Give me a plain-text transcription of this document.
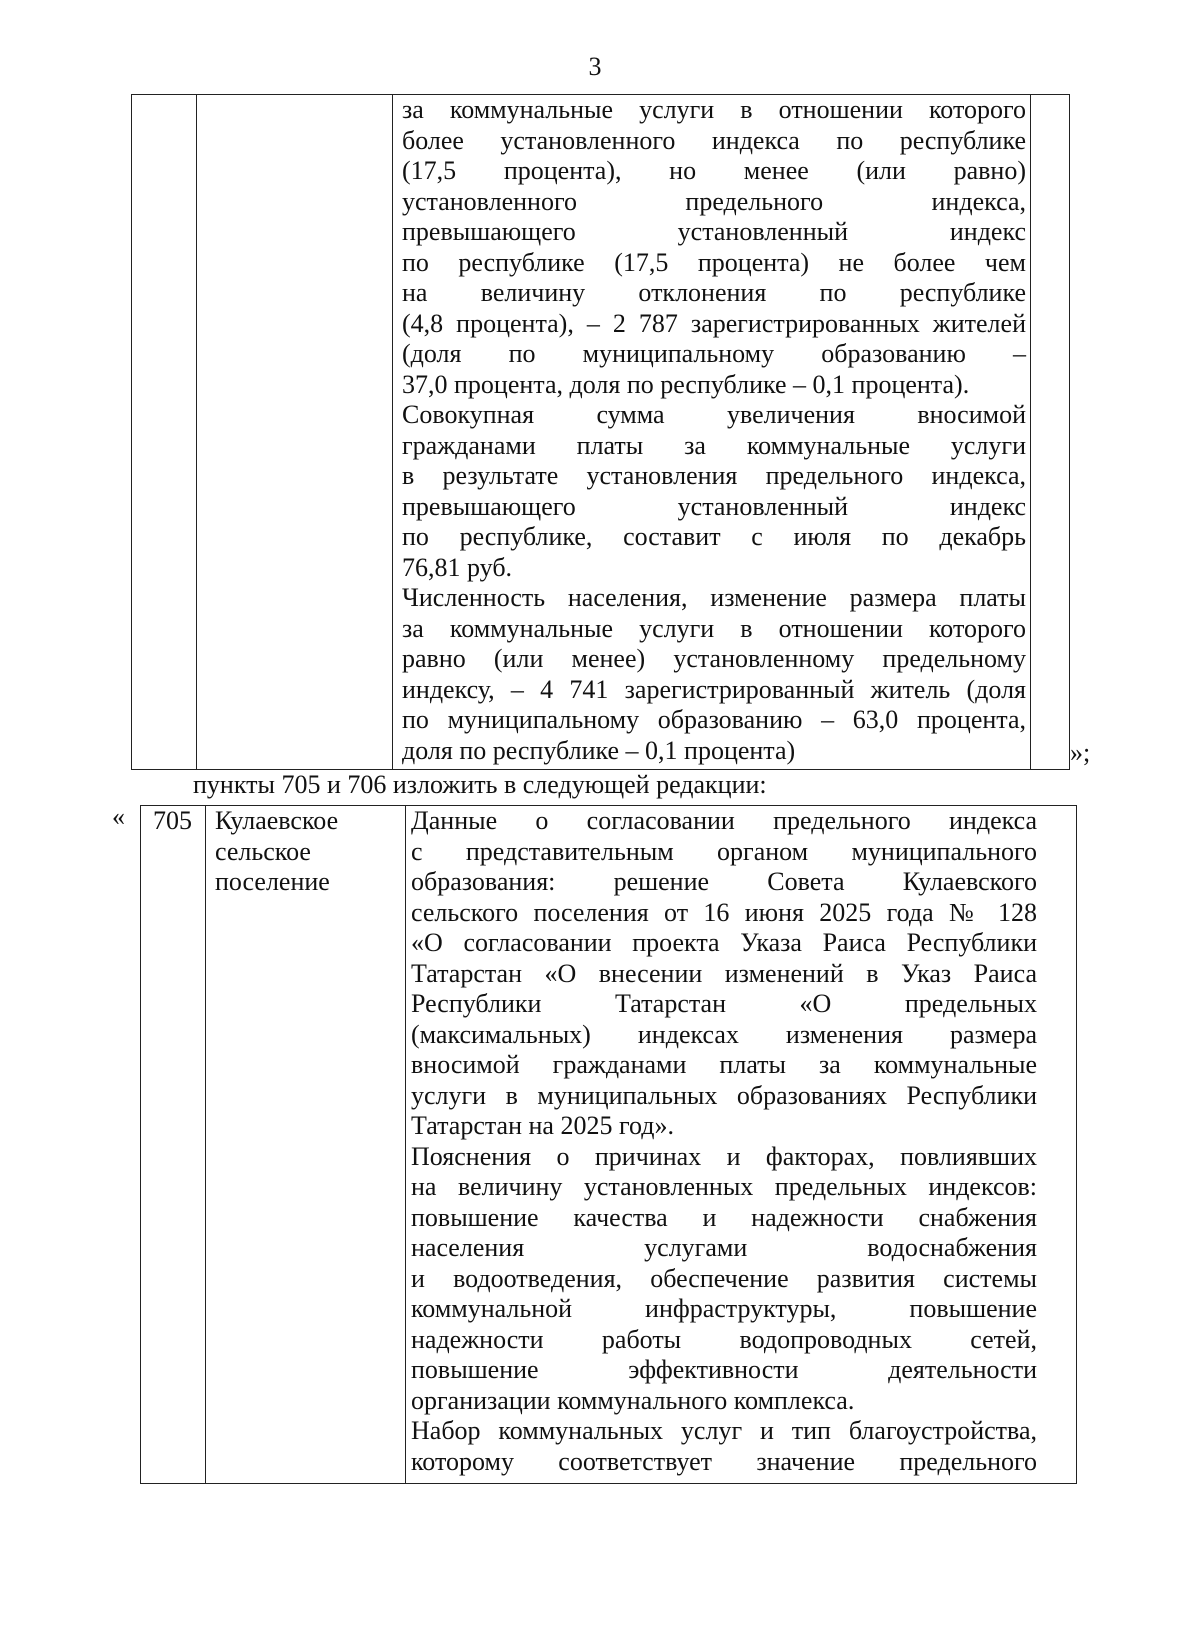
3
за коммунальные услуги в отношении которого
более установленного индекса по республике
(17,5 процента), но менее (или равно)
установленного предельного индекса,
превышающего установленный индекс
по республике (17,5 процента) не более чем
на величину отклонения по республике
(4,8 процента), – 2 787 зарегистрированных жителей
(доля по муниципальному образованию –
37,0 процента, доля по республике – 0,1 процента).
Совокупная сумма увеличения вносимой
гражданами платы за коммунальные услуги
в результате установления предельного индекса,
превышающего установленный индекс
по республике, составит с июля по декабрь
76,81 руб.
Численность населения, изменение размера платы
за коммунальные услуги в отношении которого
равно (или менее) установленному предельному
индексу, – 4 741 зарегистрированный житель (доля
по муниципальному образованию – 63,0 процента,
доля по республике – 0,1 процента)	»;
пункты 705 и 706 изложить в следующей редакции:
« 705 Кулаевское
сельское
поселение
Данные о согласовании предельного индекса
с представительным органом муниципального
образования: решение Совета Кулаевского
сельского поселения от 16 июня 2025 года № 128
«О согласовании проекта Указа Раиса Республики
Татарстан «О внесении изменений в Указ Раиса
Республики Татарстан «О предельных
(максимальных) индексах изменения размера
вносимой гражданами платы за коммунальные
услуги в муниципальных образованиях Республики
Татарстан на 2025 год».
Пояснения о причинах и факторах, повлиявших
на величину установленных предельных индексов:
повышение качества и надежности снабжения
населения услугами водоснабжения
и водоотведения, обеспечение развития системы
коммунальной инфраструктуры, повышение
надежности работы водопроводных сетей,
повышение эффективности деятельности
организации коммунального комплекса.
Набор коммунальных услуг и тип благоустройства,
которому соответствует значение предельного
